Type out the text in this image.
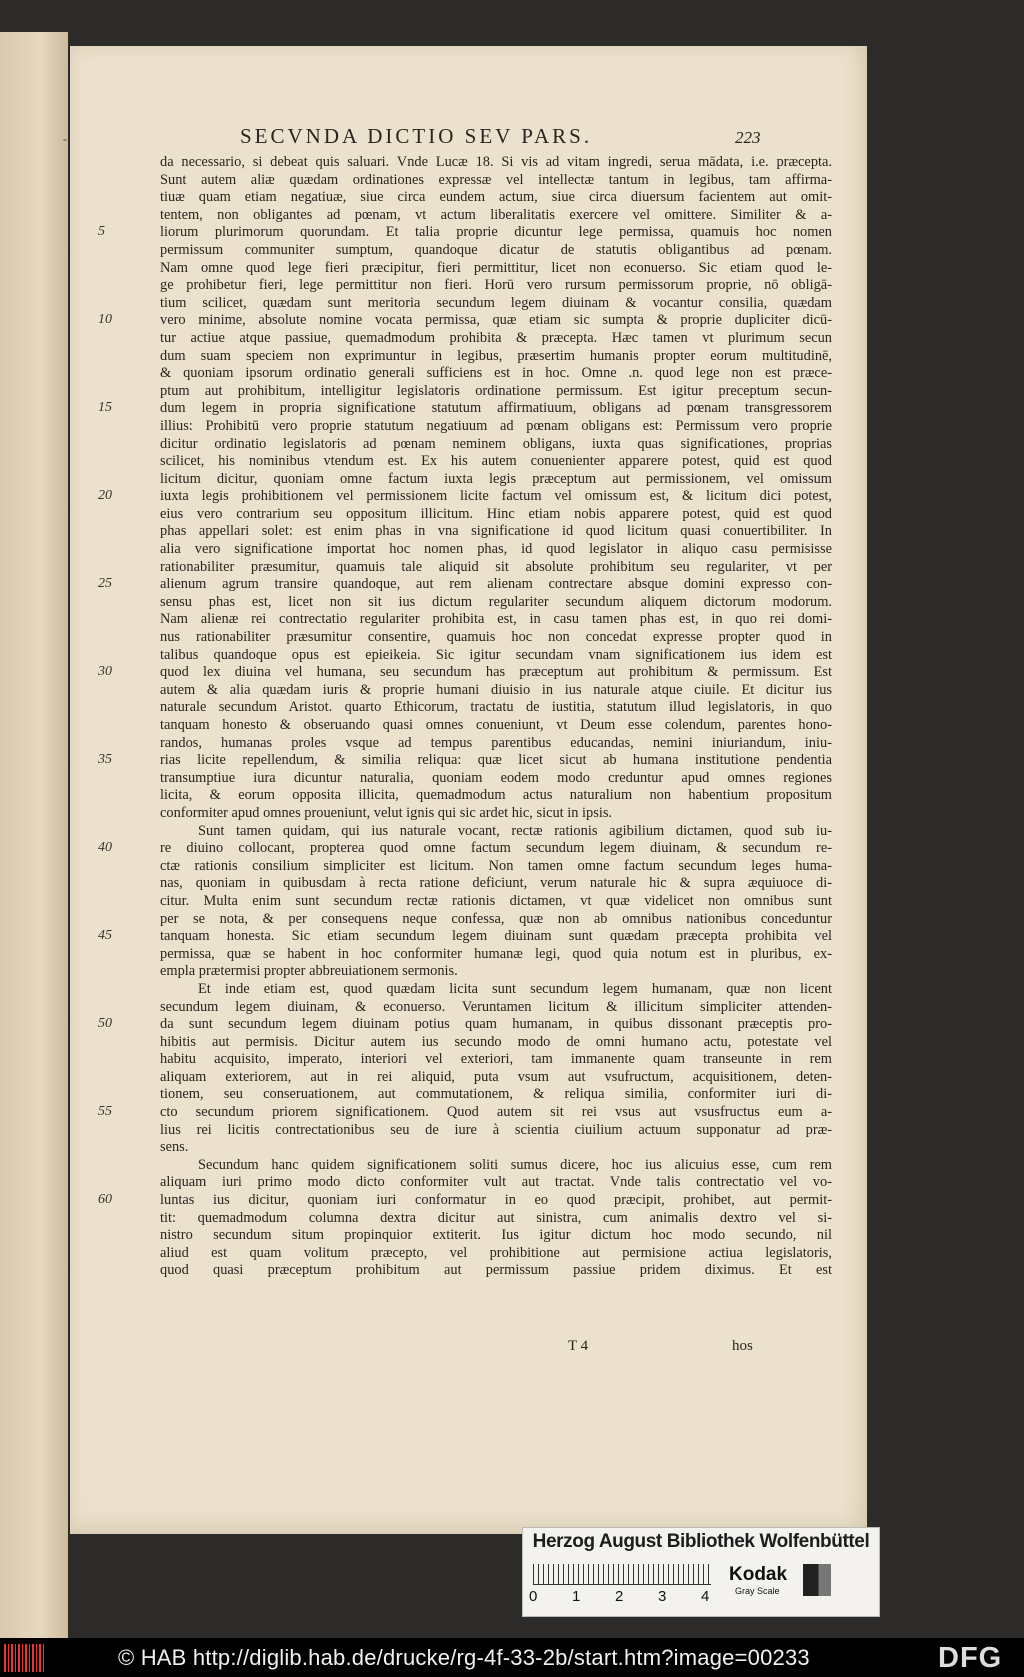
-	SECVNDA DICTIO SEV PARS.	223
5
10
15
20
25
30
35
40
45
50
55
60
da necessario, si debeat quis saluari. Vnde Lucæ 18. Si vis ad vitam ingredi, serua mādata, i.e. præcepta.
Sunt autem aliæ quædam ordinationes expressæ vel intellectæ tantum in legibus, tam affirma-
tiuæ quam etiam negatiuæ, siue circa eundem actum, siue circa diuersum facientem aut omit-
tentem, non obligantes ad pœnam, vt actum liberalitatis exercere vel omittere. Similiter & a-
liorum plurimorum quorundam. Et talia proprie dicuntur lege permissa, quamuis hoc nomen
permissum communiter sumptum, quandoque dicatur de statutis obligantibus ad pœnam.
Nam omne quod lege fieri præcipitur, fieri permittitur, licet non econuerso. Sic etiam quod le-
ge prohibetur fieri, lege permittitur non fieri. Horū vero rursum permissorum proprie, nō obligā-
tium scilicet, quædam sunt meritoria secundum legem diuinam & vocantur consilia, quædam
vero minime, absolute nomine vocata permissa, quæ etiam sic sumpta & proprie dupliciter dicū-
tur actiue atque passiue, quemadmodum prohibita & præcepta. Hæc tamen vt plurimum secun
dum suam speciem non exprimuntur in legibus, præsertim humanis propter eorum multitudinē,
& quoniam ipsorum ordinatio generali sufficiens est in hoc. Omne .n. quod lege non est præce-
ptum aut prohibitum, intelligitur legislatoris ordinatione permissum. Est igitur preceptum secun-
dum legem in propria significatione statutum affirmatiuum, obligans ad pœnam transgressorem
illius: Prohibitū vero proprie statutum negatiuum ad pœnam obligans est: Permissum vero proprie
dicitur ordinatio legislatoris ad pœnam neminem obligans, iuxta quas significationes, proprias
scilicet, his nominibus vtendum est. Ex his autem conuenienter apparere potest, quid est quod
licitum dicitur, quoniam omne factum iuxta legis præceptum aut permissionem, vel omissum
iuxta legis prohibitionem vel permissionem licite factum vel omissum est, & licitum dici potest,
eius vero contrarium seu oppositum illicitum. Hinc etiam nobis apparere potest, quid est quod
phas appellari solet: est enim phas in vna significatione id quod licitum quasi conuertibiliter. In
alia vero significatione importat hoc nomen phas, id quod legislator in aliquo casu permisisse
rationabiliter præsumitur, quamuis tale aliquid sit absolute prohibitum seu regulariter, vt per
alienum agrum transire quandoque, aut rem alienam contrectare absque domini expresso con-
sensu phas est, licet non sit ius dictum regulariter secundum aliquem dictorum modorum.
Nam alienæ rei contrectatio regulariter prohibita est, in casu tamen phas est, in quo rei domi-
nus rationabiliter præsumitur consentire, quamuis hoc non concedat expresse propter quod in
talibus quandoque opus est epieikeia. Sic igitur secundam vnam significationem ius idem est
quod lex diuina vel humana, seu secundum has præceptum aut prohibitum & permissum. Est
autem & alia quædam iuris & proprie humani diuisio in ius naturale atque ciuile. Et dicitur ius
naturale secundum Aristot. quarto Ethicorum, tractatu de iustitia, statutum illud legislatoris, in quo
tanquam honesto & obseruando quasi omnes conueniunt, vt Deum esse colendum, parentes hono-
randos, humanas proles vsque ad tempus parentibus educandas, nemini iniuriandum, iniu-
rias licite repellendum, & similia reliqua: quæ licet sicut ab humana institutione pendentia
transumptiue iura dicuntur naturalia, quoniam eodem modo creduntur apud omnes regiones
licita, & eorum opposita illicita, quemadmodum actus naturalium non habentium propositum
conformiter apud omnes proueniunt, velut ignis qui sic ardet hic, sicut in ipsis.
Sunt tamen quidam, qui ius naturale vocant, rectæ rationis agibilium dictamen, quod sub iu-
re diuino collocant, propterea quod omne factum secundum legem diuinam, & secundum re-
ctæ rationis consilium simpliciter est licitum. Non tamen omne factum secundum leges huma-
nas, quoniam in quibusdam à recta ratione deficiunt, verum naturale hic & supra æquiuoce di-
citur. Multa enim sunt secundum rectæ rationis dictamen, vt quæ videlicet non omnibus sunt
per se nota, & per consequens neque confessa, quæ non ab omnibus nationibus conceduntur
tanquam honesta. Sic etiam secundum legem diuinam sunt quædam præcepta prohibita vel
permissa, quæ se habent in hoc conformiter humanæ legi, quod quia notum est in pluribus, ex-
empla prætermisi propter abbreuiationem sermonis.
Et inde etiam est, quod quædam licita sunt secundum legem humanam, quæ non licent
secundum legem diuinam, & econuerso. Veruntamen licitum & illicitum simpliciter attenden-
da sunt secundum legem diuinam potius quam humanam, in quibus dissonant præceptis pro-
hibitis aut permisis. Dicitur autem ius secundo modo de omni humano actu, potestate vel
habitu acquisito, imperato, interiori vel exteriori, tam immanente quam transeunte in rem
aliquam exteriorem, aut in rei aliquid, puta vsum aut vsufructum, acquisitionem, deten-
tionem, seu conseruationem, aut commutationem, & reliqua similia, conformiter iuri di-
cto secundum priorem significationem. Quod autem sit rei vsus aut vsusfructus eum a-
lius rei licitis contrectationibus seu de iure à scientia ciuilium actuum supponatur ad præ-
sens.
Secundum hanc quidem significationem soliti sumus dicere, hoc ius alicuius esse, cum rem
aliquam iuri primo modo dicto conformiter vult aut tractat. Vnde talis contrectatio vel vo-
luntas ius dicitur, quoniam iuri conformatur in eo quod præcipit, prohibet, aut permit-
tit: quemadmodum columna dextra dicitur aut sinistra, cum animalis dextro vel si-
nistro secundum situm propinquior extiterit. Ius igitur dictum hoc modo secundo, nil
aliud est quam volitum præcepto, vel prohibitione aut permisione actiua legislatoris,
quod quasi præceptum prohibitum aut permissum passiue pridem diximus. Et est
T 4	hos
Herzog August Bibliothek Wolfenbüttel
0 1 2 3 4
Kodak
Gray Scale
© HAB http://diglib.hab.de/drucke/rg-4f-33-2b/start.htm?image=00233	DFG
